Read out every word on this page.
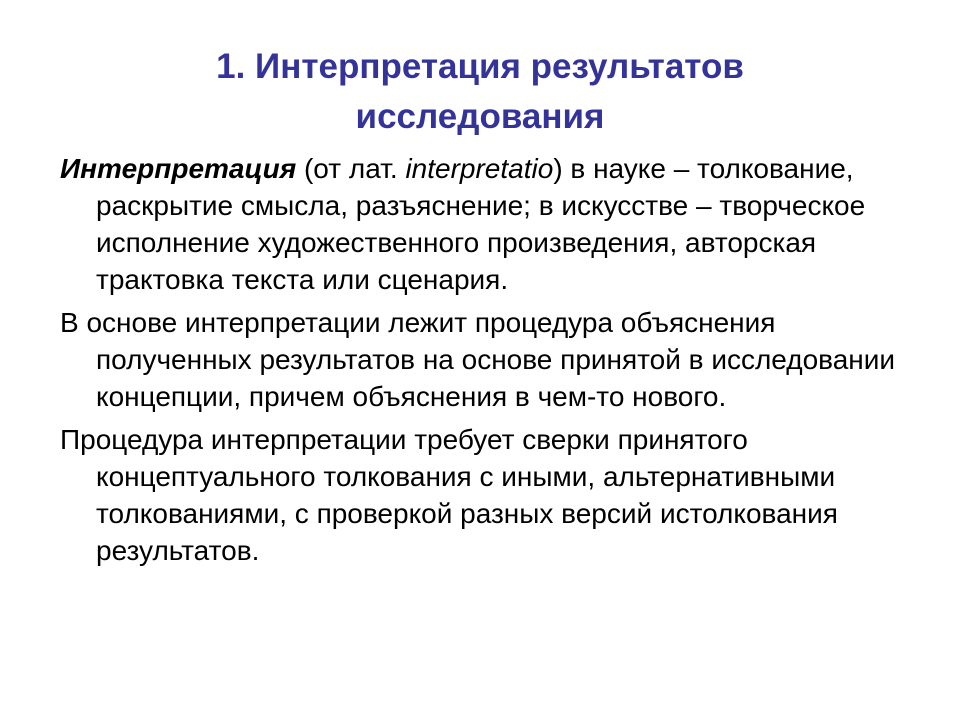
1. Интерпретация результатов
исследования

Интерпретация (от лат. interpretatio) в науке – толкование, раскрытие смысла, разъяснение; в искусстве – творческое исполнение художественного произведения, авторская трактовка текста или сценария.

В основе интерпретации лежит процедура объяснения полученных результатов на основе принятой в исследовании концепции, причем объяснения в чем-то нового.

Процедура интерпретации требует сверки принятого концептуального толкования с иными, альтернативными толкованиями, с проверкой разных версий истолкования результатов.
